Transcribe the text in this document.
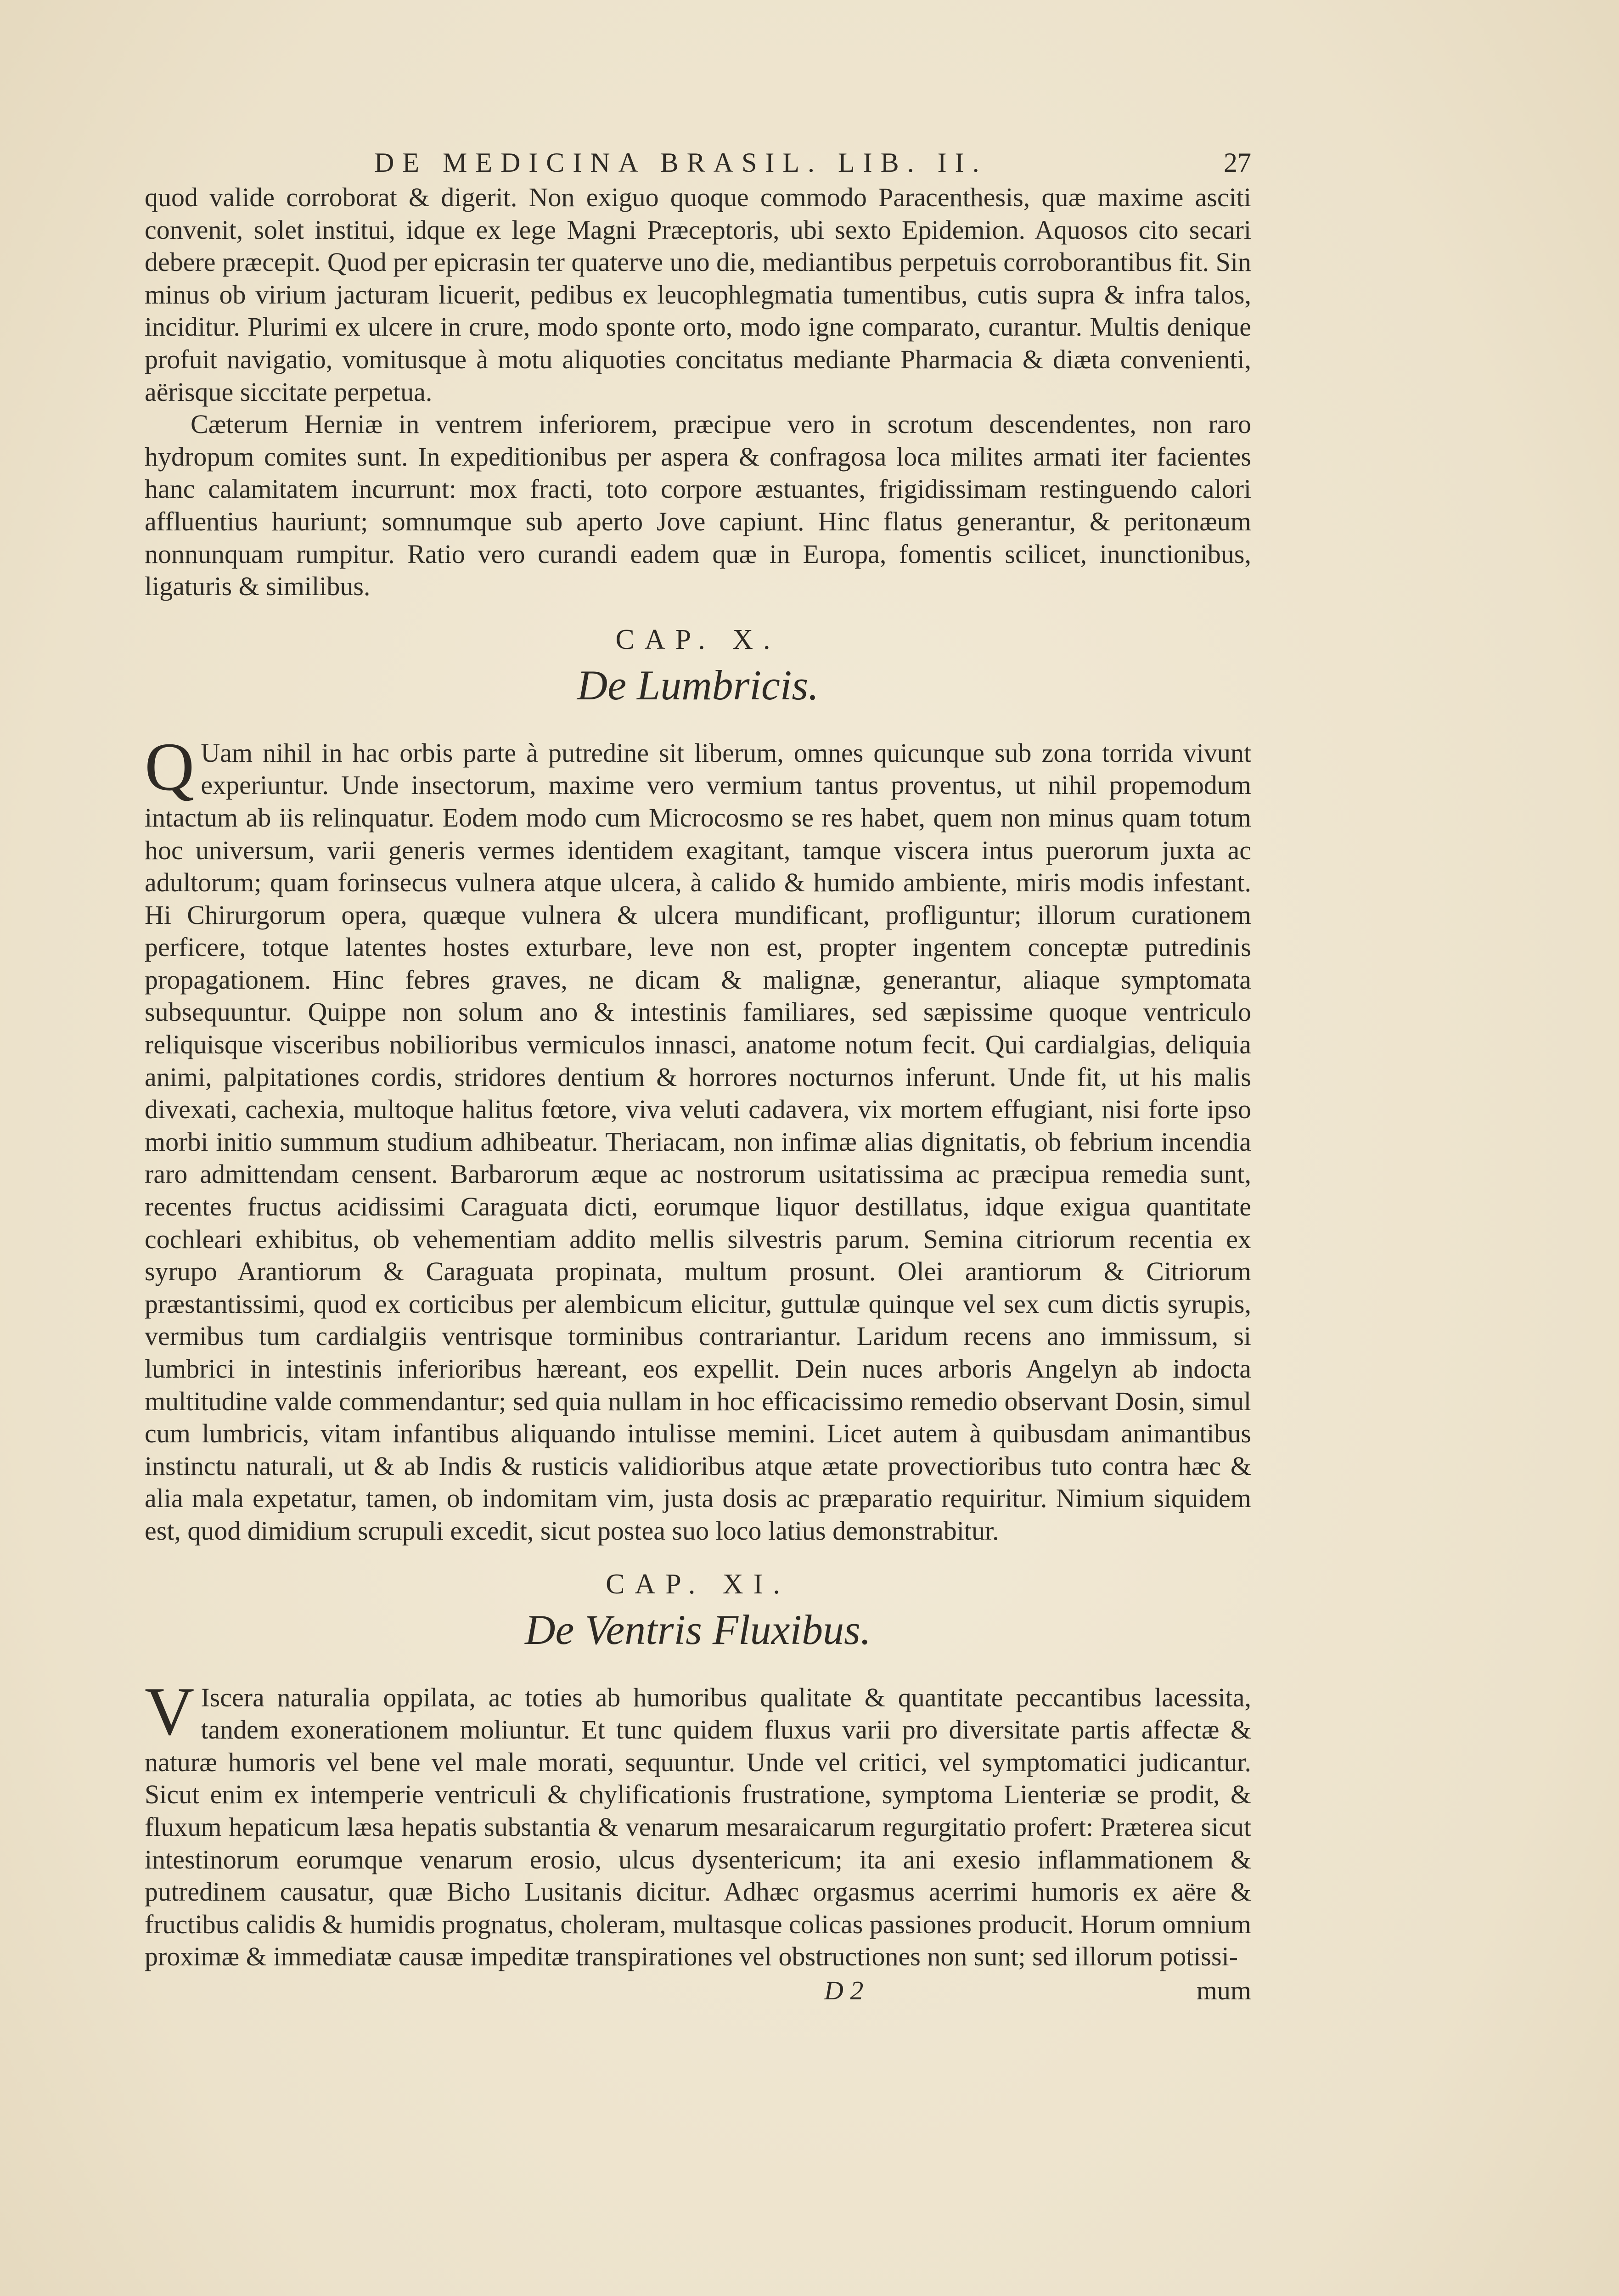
DE MEDICINA BRASIL. LIB. II.	27

quod valide corroborat & digerit. Non exiguo quoque commodo Paracenthesis, quæ maxime asciti convenit, solet institui, idque ex lege Magni Præceptoris, ubi sexto Epidemion. Aquosos cito secari debere præcepit. Quod per epicrasin ter quaterve uno die, mediantibus perpetuis corroborantibus fit. Sin minus ob virium jacturam licuerit, pedibus ex leucophlegmatia tumentibus, cutis supra & infra talos, inciditur. Plurimi ex ulcere in crure, modo sponte orto, modo igne comparato, curantur. Multis denique profuit navigatio, vomitusque à motu aliquoties concitatus mediante Pharmacia & diæta convenienti, aërisque siccitate perpetua.

Cæterum Herniæ in ventrem inferiorem, præcipue vero in scrotum descendentes, non raro hydropum comites sunt. In expeditionibus per aspera & confragosa loca milites armati iter facientes hanc calamitatem incurrunt: mox fracti, toto corpore æstuantes, frigidissimam restinguendo calori affluentius hauriunt; somnumque sub aperto Jove capiunt. Hinc flatus generantur, & peritonæum nonnunquam rumpitur. Ratio vero curandi eadem quæ in Europa, fomentis scilicet, inunctionibus, ligaturis & similibus.

CAP. X.
De Lumbricis.

Q Uam nihil in hac orbis parte à putredine sit liberum, omnes quicunque sub zona torrida vivunt experiuntur. Unde insectorum, maxime vero vermium tantus proventus, ut nihil propemodum intactum ab iis relinquatur. Eodem modo cum Microcosmo se res habet, quem non minus quam totum hoc universum, varii generis vermes identidem exagitant, tamque viscera intus puerorum juxta ac adultorum; quam forinsecus vulnera atque ulcera, à calido & humido ambiente, miris modis infestant. Hi Chirurgorum opera, quæque vulnera & ulcera mundificant, profliguntur; illorum curationem perficere, totque latentes hostes exturbare, leve non est, propter ingentem conceptæ putredinis propagationem. Hinc febres graves, ne dicam & malignæ, generantur, aliaque symptomata subsequuntur. Quippe non solum ano & intestinis familiares, sed sæpissime quoque ventriculo reliquisque visceribus nobilioribus vermiculos innasci, anatome notum fecit. Qui cardialgias, deliquia animi, palpitationes cordis, stridores dentium & horrores nocturnos inferunt. Unde fit, ut his malis divexati, cachexia, multoque halitus fœtore, viva veluti cadavera, vix mortem effugiant, nisi forte ipso morbi initio summum studium adhibeatur. Theriacam, non infimæ alias dignitatis, ob febrium incendia raro admittendam censent. Barbarorum æque ac nostrorum usitatissima ac præcipua remedia sunt, recentes fructus acidissimi Caraguata dicti, eorumque liquor destillatus, idque exigua quantitate cochleari exhibitus, ob vehementiam addito mellis silvestris parum. Semina citriorum recentia ex syrupo Arantiorum & Caraguata propinata, multum prosunt. Olei arantiorum & Citriorum præstantissimi, quod ex corticibus per alembicum elicitur, guttulæ quinque vel sex cum dictis syrupis, vermibus tum cardialgiis ventrisque torminibus contrariantur. Laridum recens ano immissum, si lumbrici in intestinis inferioribus hæreant, eos expellit. Dein nuces arboris Angelyn ab indocta multitudine valde commendantur; sed quia nullam in hoc efficacissimo remedio observant Dosin, simul cum lumbricis, vitam infantibus aliquando intulisse memini. Licet autem à quibusdam animantibus instinctu naturali, ut & ab Indis & rusticis validioribus atque ætate provectioribus tuto contra hæc & alia mala expetatur, tamen, ob indomitam vim, justa dosis ac præparatio requiritur. Nimium siquidem est, quod dimidium scrupuli excedit, sicut postea suo loco latius demonstrabitur.

CAP. XI.
De Ventris Fluxibus.

V Iscera naturalia oppilata, ac toties ab humoribus qualitate & quantitate peccantibus lacessita, tandem exonerationem moliuntur. Et tunc quidem fluxus varii pro diversitate partis affectæ & naturæ humoris vel bene vel male morati, sequuntur. Unde vel critici, vel symptomatici judicantur. Sicut enim ex intemperie ventriculi & chylificationis frustratione, symptoma Lienteriæ se prodit, & fluxum hepaticum læsa hepatis substantia & venarum mesaraicarum regurgitatio profert: Præterea sicut intestinorum eorumque venarum erosio, ulcus dysentericum; ita ani exesio inflammationem & putredinem causatur, quæ Bicho Lusitanis dicitur. Adhæc orgasmus acerrimi humoris ex aëre & fructibus calidis & humidis prognatus, choleram, multasque colicas passiones producit. Horum omnium proximæ & immediatæ causæ impeditæ transpirationes vel obstructiones non sunt; sed illorum potissi-

D 2	mum
